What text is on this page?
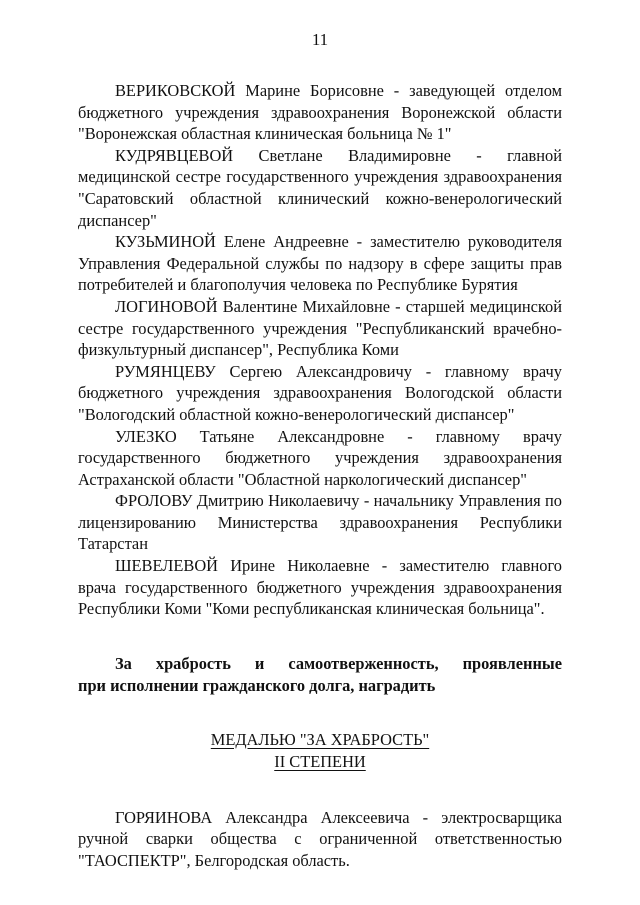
11

ВЕРИКОВСКОЙ Марине Борисовне - заведующей отделом бюджетного учреждения здравоохранения Воронежской области "Воронежская областная клиническая больница № 1"

КУДРЯВЦЕВОЙ Светлане Владимировне - главной медицинской сестре государственного учреждения здравоохранения "Саратовский областной клинический кожно-венерологический диспансер"

КУЗЬМИНОЙ Елене Андреевне - заместителю руководителя Управления Федеральной службы по надзору в сфере защиты прав потребителей и благополучия человека по Республике Бурятия

ЛОГИНОВОЙ Валентине Михайловне - старшей медицинской сестре государственного учреждения "Республиканский врачебно-физкультурный диспансер", Республика Коми

РУМЯНЦЕВУ Сергею Александровичу - главному врачу бюджетного учреждения здравоохранения Вологодской области "Вологодский областной кожно-венерологический диспансер"

УЛЕЗКО Татьяне Александровне - главному врачу государственного бюджетного учреждения здравоохранения Астраханской области "Областной наркологический диспансер"

ФРОЛОВУ Дмитрию Николаевичу - начальнику Управления по лицензированию Министерства здравоохранения Республики Татарстан

ШЕВЕЛЕВОЙ Ирине Николаевне - заместителю главного врача государственного бюджетного учреждения здравоохранения Республики Коми "Коми республиканская клиническая больница".

За храбрость и самоотверженность, проявленные
при исполнении гражданского долга, наградить

МЕДАЛЬЮ "ЗА ХРАБРОСТЬ"
II СТЕПЕНИ

ГОРЯИНОВА Александра Алексеевича - электросварщика ручной сварки общества с ограниченной ответственностью "ТАОСПЕКТР", Белгородская область.
